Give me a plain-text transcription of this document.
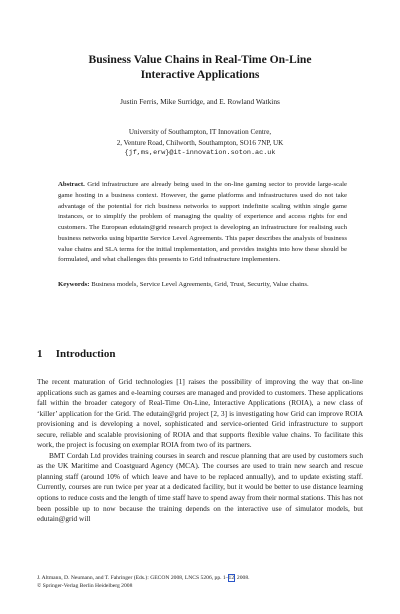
Business Value Chains in Real-Time On-Line
Interactive Applications
Justin Ferris, Mike Surridge, and E. Rowland Watkins
University of Southampton, IT Innovation Centre,
2, Venture Road, Chilworth, Southampton, SO16 7NP, UK
{jf,ms,erw}@it-innovation.soton.ac.uk
Abstract. Grid infrastructure are already being used in the on-line gaming sector to provide large-scale game hosting in a business context. However, the game platforms and infrastructures used do not take advantage of the potential for rich business networks to support indefinite scaling within single game instances, or to simplify the problem of managing the quality of experience and access rights for end customers. The European edutain@grid research project is developing an infrastructure for realising such business networks using bipartite Service Level Agreements. This paper describes the analysis of business value chains and SLA terms for the initial implementation, and provides insights into how these should be formulated, and what challenges this presents to Grid infrastructure implementers.
Keywords: Business models, Service Level Agreements, Grid, Trust, Security, Value chains.
1 Introduction

The recent maturation of Grid technologies [1] raises the possibility of improving the way that on-line applications such as games and e-learning courses are managed and provided to customers. These applications fall within the broader category of Real-Time On-Line, Interactive Applications (ROIA), a new class of ‘killer’ application for the Grid. The edutain@grid project [2, 3] is investigating how Grid can improve ROIA provisioning and is developing a novel, sophisticated and service-oriented Grid infrastructure to support secure, reliable and scalable provisioning of ROIA and that supports flexible value chains. To facilitate this work, the project is focusing on exemplar ROIA from two of its partners.

BMT Cordah Ltd provides training courses in search and rescue planning that are used by customers such as the UK Maritime and Coastguard Agency (MCA). The courses are used to train new search and rescue planning staff (around 10% of which leave and have to be replaced annually), and to update existing staff. Currently, courses are run twice per year at a dedicated facility, but it would be better to use distance learning options to reduce costs and the length of time staff have to spend away from their normal stations. This has not been possible up to now because the training depends on the interactive use of simulator models, but edutain@grid will

J. Altmann, D. Neumann, and T. Fahringer (Eds.): GECON 2008, LNCS 5206, pp. 1–12, 2008.
© Springer-Verlag Berlin Heidelberg 2008
